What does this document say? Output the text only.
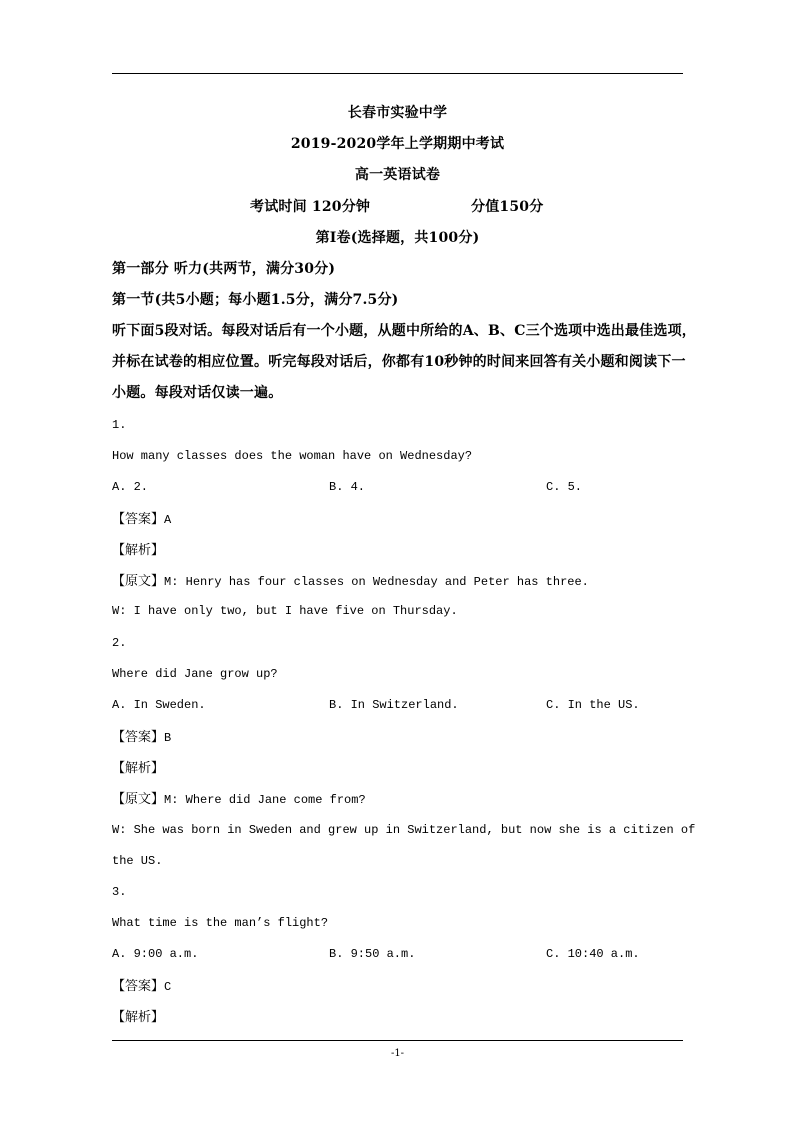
长春市实验中学
2019-2020学年上学期期中考试
高一英语试卷
考试时间 120分钟	分值150分
第Ⅰ卷(选择题，共100分)
第一部分 听力(共两节，满分30分)
第一节(共5小题；每小题1.5分，满分7.5分)
听下面5段对话。每段对话后有一个小题，从题中所给的A、B、C三个选项中选出最佳选项，
并标在试卷的相应位置。听完每段对话后，你都有10秒钟的时间来回答有关小题和阅读下一
小题。每段对话仅读一遍。
1.
How many classes does the woman have on Wednesday?
A. 2.	B. 4.	C. 5.
【答案】A
【解析】
【原文】M: Henry has four classes on Wednesday and Peter has three.
W: I have only two, but I have five on Thursday.
2.
Where did Jane grow up?
A. In Sweden.	B. In Switzerland.	C. In the US.
【答案】B
【解析】
【原文】M: Where did Jane come from?
W: She was born in Sweden and grew up in Switzerland, but now she is a citizen of
the US.
3.
What time is the man’s flight?
A. 9:00 a.m.	B. 9:50 a.m.	C. 10:40 a.m.
【答案】C
【解析】
-1-
